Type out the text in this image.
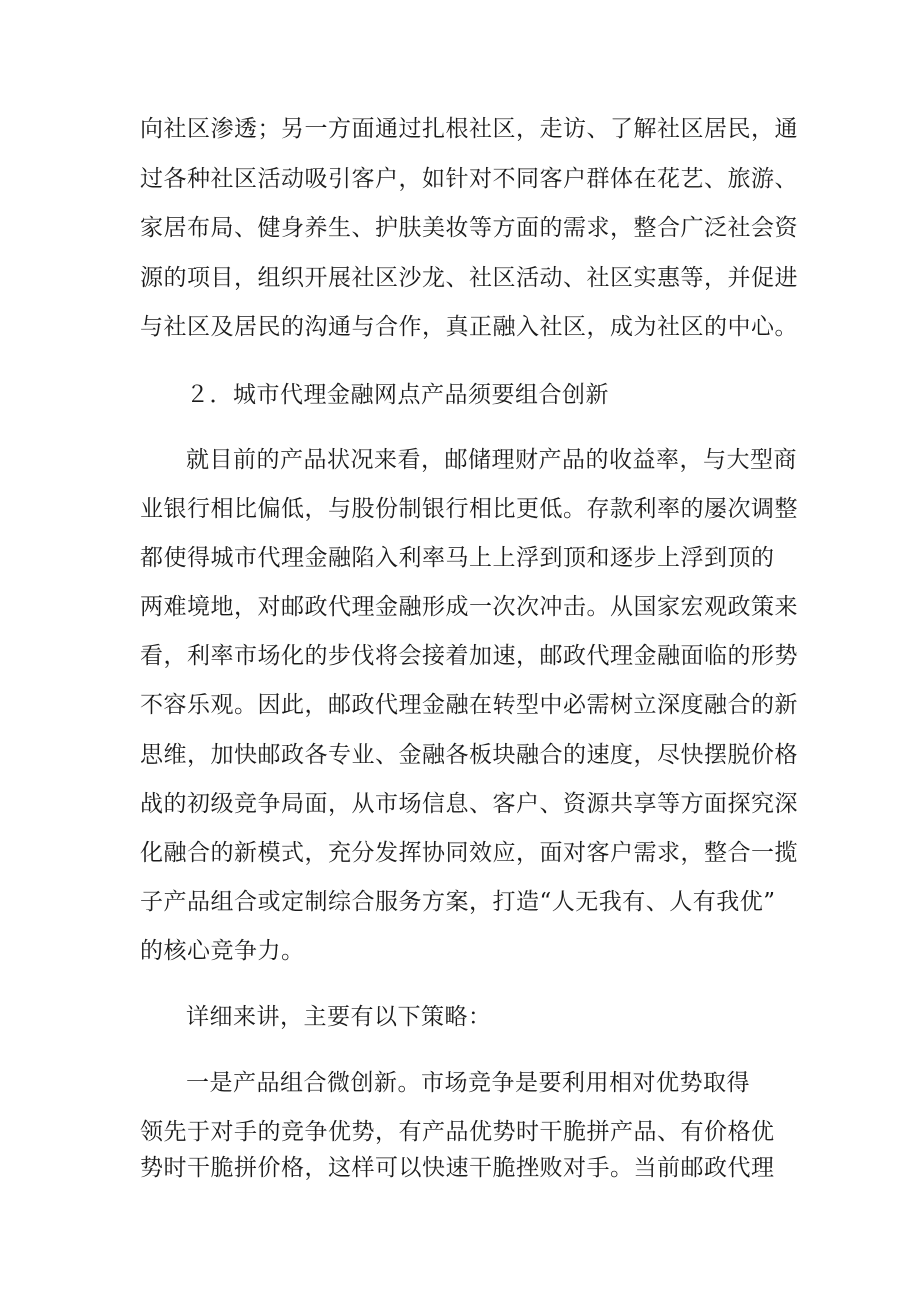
向社区渗透；另一方面通过扎根社区，走访、了解社区居民，通
过各种社区活动吸引客户，如针对不同客户群体在花艺、旅游、
家居布局、健身养生、护肤美妆等方面的需求，整合广泛社会资
源的项目，组织开展社区沙龙、社区活动、社区实惠等，并促进
与社区及居民的沟通与合作，真正融入社区，成为社区的中心。
２．城市代理金融网点产品须要组合创新
就目前的产品状况来看，邮储理财产品的收益率，与大型商
业银行相比偏低，与股份制银行相比更低。存款利率的屡次调整
都使得城市代理金融陷入利率马上上浮到顶和逐步上浮到顶的
两难境地，对邮政代理金融形成一次次冲击。从国家宏观政策来
看，利率市场化的步伐将会接着加速，邮政代理金融面临的形势
不容乐观。因此，邮政代理金融在转型中必需树立深度融合的新
思维，加快邮政各专业、金融各板块融合的速度，尽快摆脱价格
战的初级竞争局面，从市场信息、客户、资源共享等方面探究深
化融合的新模式，充分发挥协同效应，面对客户需求，整合一揽
子产品组合或定制综合服务方案，打造“人无我有、人有我优”
的核心竞争力。
详细来讲，主要有以下策略：
一是产品组合微创新。市场竞争是要利用相对优势取得
领先于对手的竞争优势，有产品优势时干脆拼产品、有价格优
势时干脆拼价格，这样可以快速干脆挫败对手。当前邮政代理
